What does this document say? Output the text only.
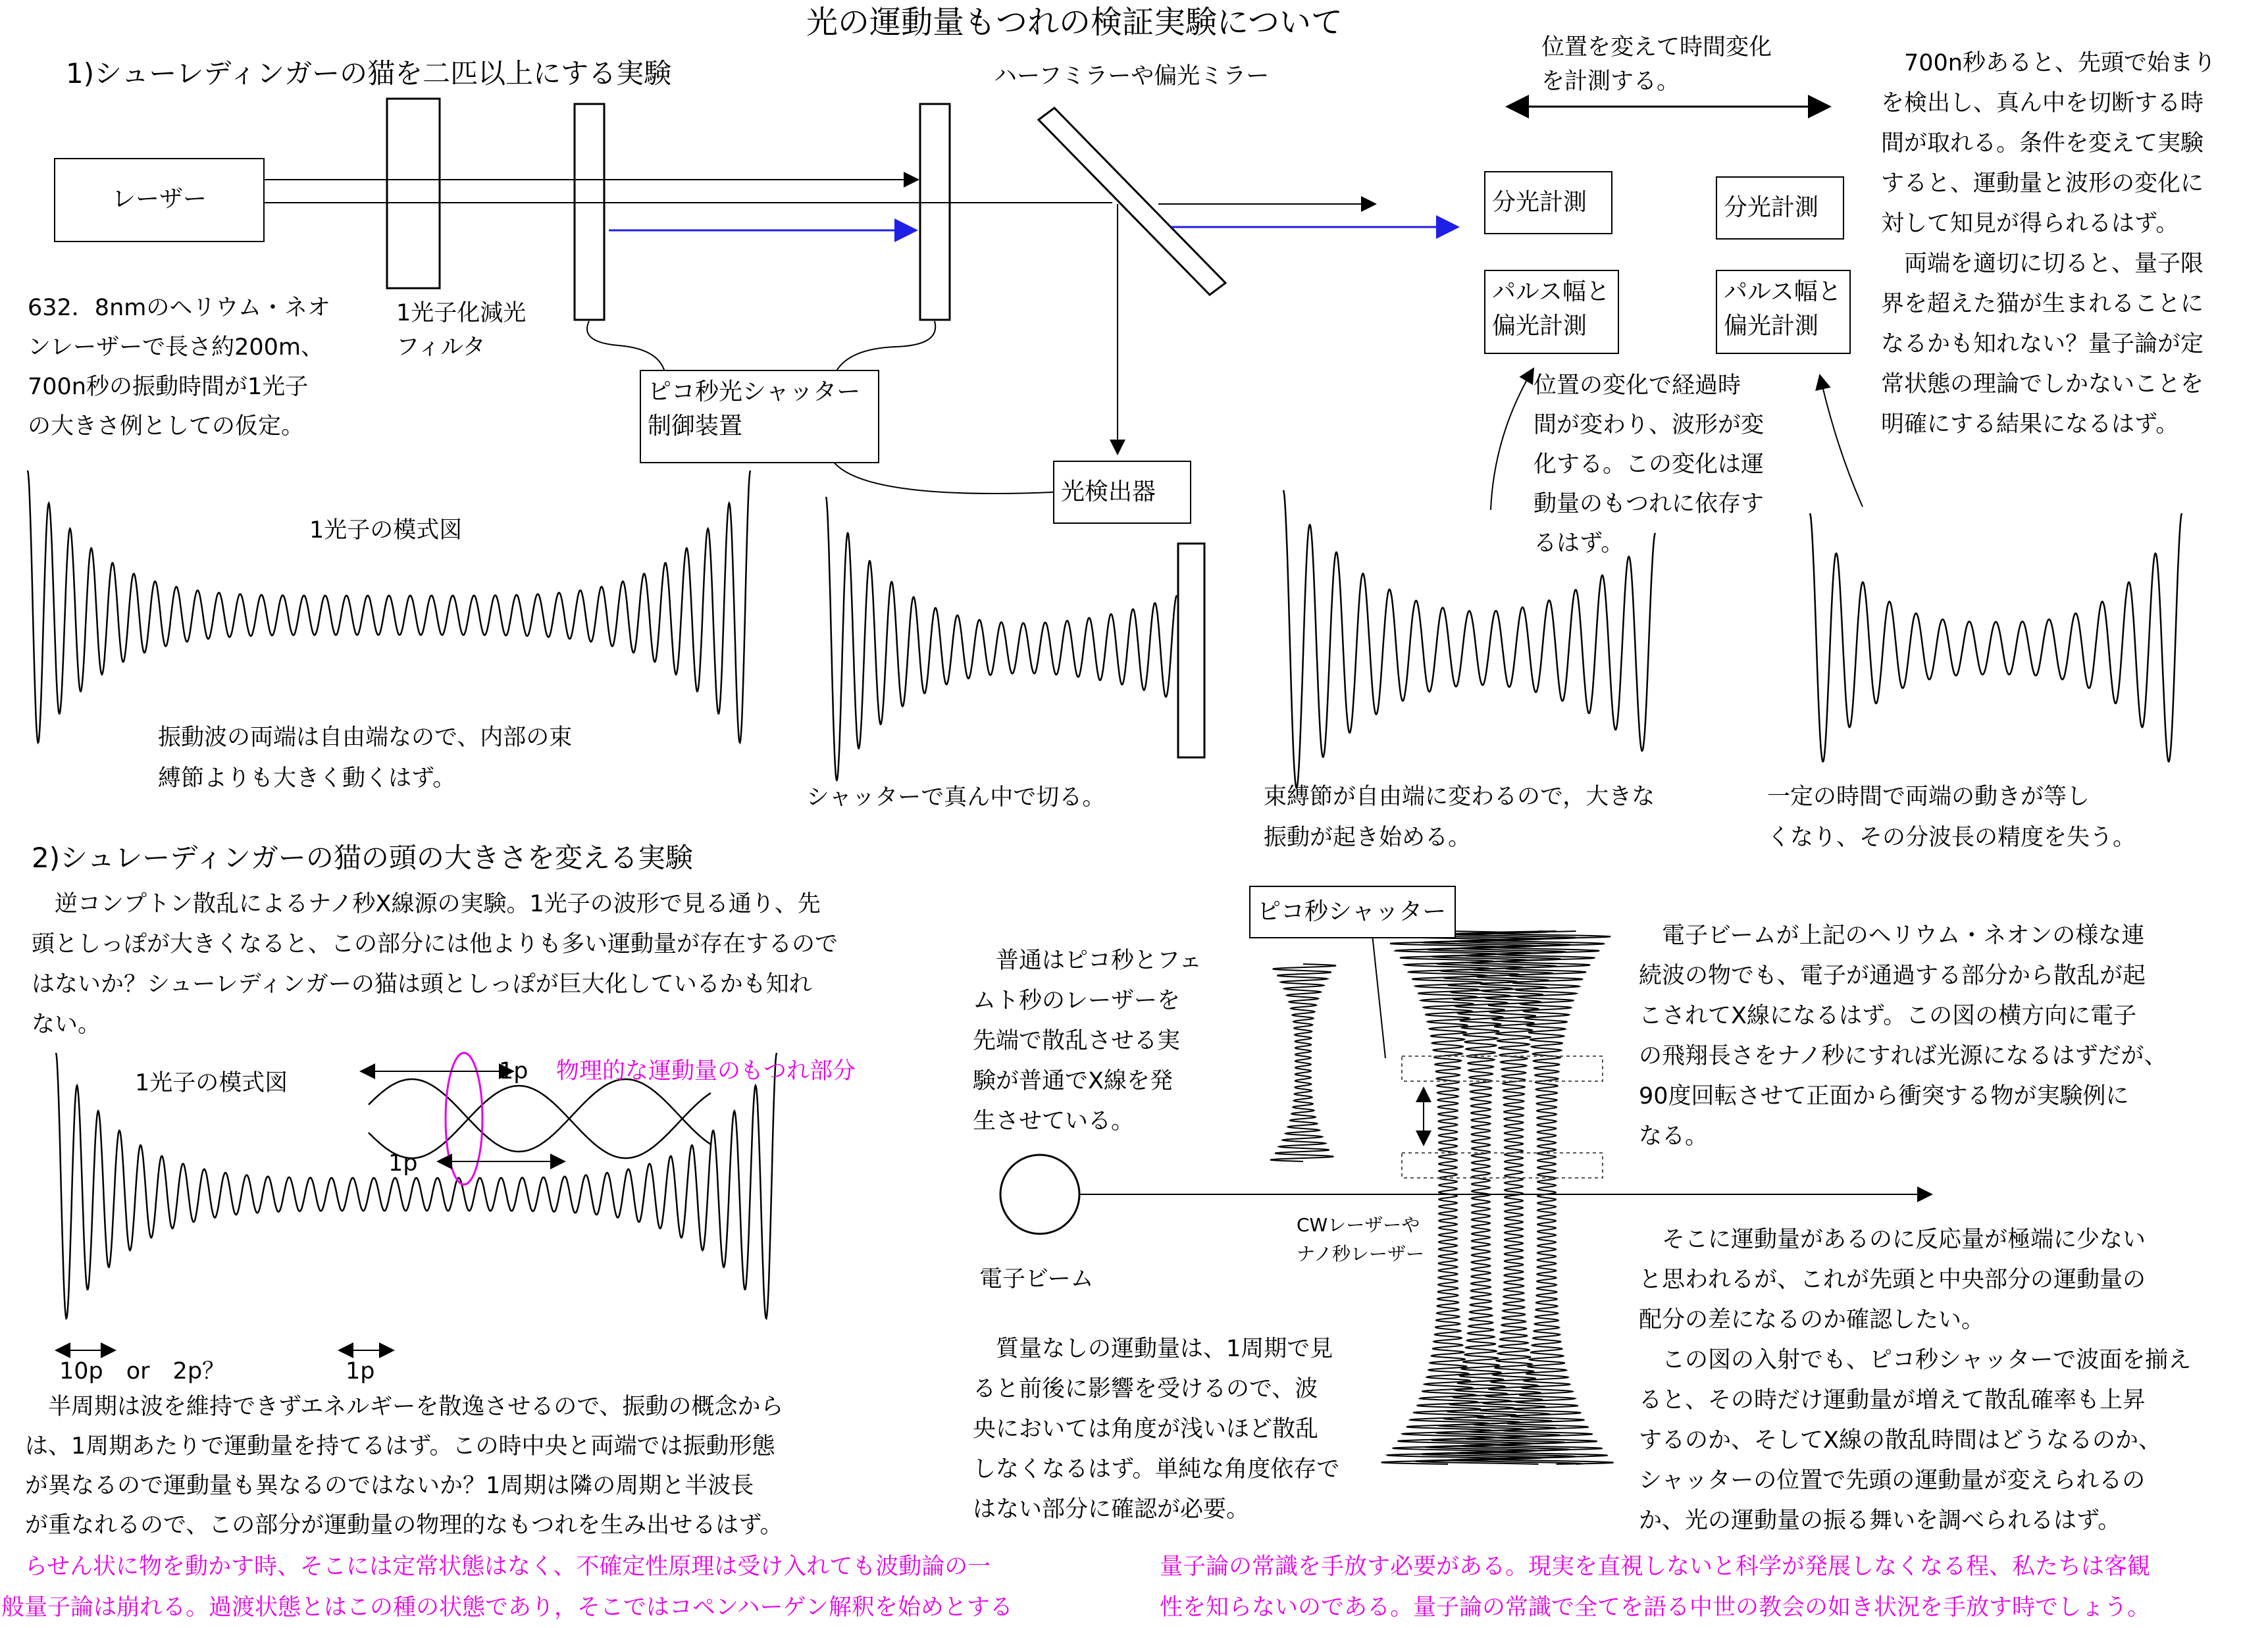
光の運動量もつれの検証実験について
1)シューレディンガーの猫を二匹以上にする実験
レーザー
ハーフミラーや偏光ミラー
位置を変えて時間変化
を計測する。
1光子化減光
フィルタ
ピコ秒光シャッター
制御装置
光検出器
分光計測	分光計測
パルス幅と
偏光計測
パルス幅と
偏光計測
632．8nmのヘリウム・ネオ
ンレーザーで長さ約200m、
700n秒の振動時間が1光子
の大きさ例としての仮定。
　700n秒あると、先頭で始まり
を検出し、真ん中を切断する時
間が取れる。条件を変えて実験
すると、運動量と波形の変化に
対して知見が得られるはず。
　両端を適切に切ると、量子限
界を超えた猫が生まれることに
なるかも知れない？量子論が定
常状態の理論でしかないことを
明確にする結果になるはず。
位置の変化で経過時
間が変わり、波形が変
化する。この変化は運
動量のもつれに依存す
るはず。
1光子の模式図
振動波の両端は自由端なので、内部の束
縛節よりも大きく動くはず。
シャッターで真ん中で切る。	束縛節が自由端に変わるので，大きな
振動が起き始める。
一定の時間で両端の動きが等し
くなり、その分波長の精度を失う。
2)シュレーディンガーの猫の頭の大きさを変える実験
　逆コンプトン散乱によるナノ秒X線源の実験。1光子の波形で見る通り、先
頭としっぽが大きくなると、この部分には他よりも多い運動量が存在するので
はないか？シューレディンガーの猫は頭としっぽが巨大化しているかも知れ
ない。
1光子の模式図	1p 物理的な運動量のもつれ部分
1p
10p　or　2p？	1p
　半周期は波を維持できずエネルギーを散逸させるので、振動の概念から
は、1周期あたりで運動量を持てるはず。この時中央と両端では振動形態
が異なるので運動量も異なるのではないか？1周期は隣の周期と半波長
が重なれるので、この部分が運動量の物理的なもつれを生み出せるはず。
　普通はピコ秒とフェ
ムト秒のレーザーを
先端で散乱させる実
験が普通でX線を発
生させている。
ピコ秒シャッター
電子ビーム
CWレーザーや
ナノ秒レーザー
　電子ビームが上記のヘリウム・ネオンの様な連
続波の物でも、電子が通過する部分から散乱が起
こされてX線になるはず。この図の横方向に電子
の飛翔長さをナノ秒にすれば光源になるはずだが、
90度回転させて正面から衝突する物が実験例に
なる。
　そこに運動量があるのに反応量が極端に少ない
と思われるが、これが先頭と中央部分の運動量の
配分の差になるのか確認したい。
　この図の入射でも、ピコ秒シャッターで波面を揃え
ると、その時だけ運動量が増えて散乱確率も上昇
するのか、そしてX線の散乱時間はどうなるのか、
シャッターの位置で先頭の運動量が変えられるの
か、光の運動量の振る舞いを調べられるはず。
　質量なしの運動量は、1周期で見
ると前後に影響を受けるので、波
央においては角度が浅いほど散乱
しなくなるはず。単純な角度依存で
はない部分に確認が必要。
　らせん状に物を動かす時、そこには定常状態はなく、不確定性原理は受け入れても波動論の一
般量子論は崩れる。過渡状態とはこの種の状態であり，そこではコペンハーゲン解釈を始めとする
量子論の常識を手放す必要がある。現実を直視しないと科学が発展しなくなる程、私たちは客観
性を知らないのである。量子論の常識で全てを語る中世の教会の如き状況を手放す時でしょう。
